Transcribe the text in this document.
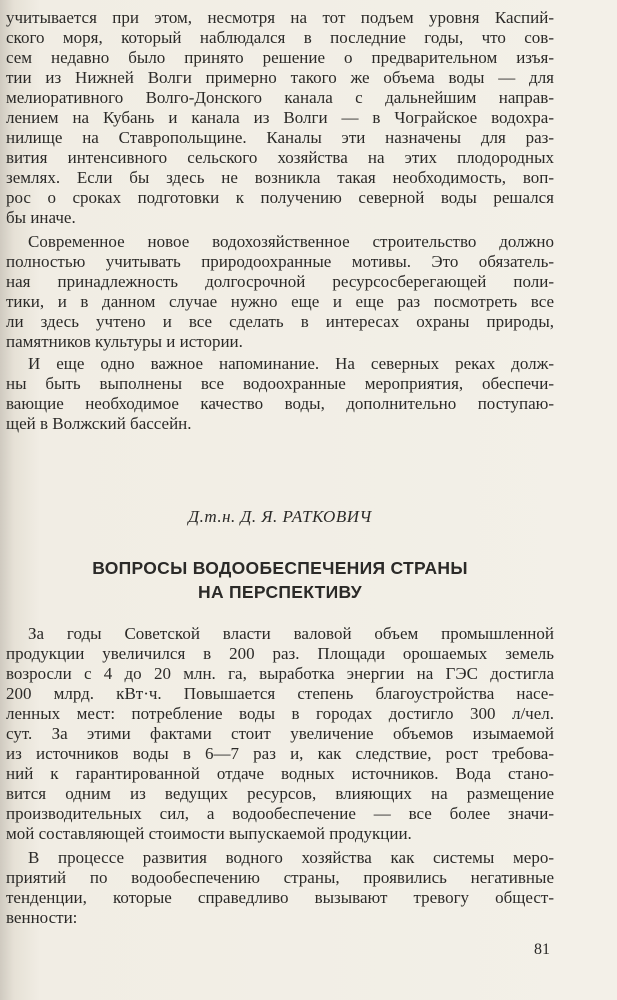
учитывается при этом, несмотря на тот подъем уровня Каспий-
ского моря, который наблюдался в последние годы, что сов-
сем недавно было принято решение о предварительном изъя-
тии из Нижней Волги примерно такого же объема воды — для
мелиоративного Волго-Донского канала с дальнейшим направ-
лением на Кубань и канала из Волги — в Чограйское водохра-
нилище на Ставропольщине. Каналы эти назначены для раз-
вития интенсивного сельского хозяйства на этих плодородных
землях. Если бы здесь не возникла такая необходимость, воп-
рос о сроках подготовки к получению северной воды решался
бы иначе.
Современное новое водохозяйственное строительство должно
полностью учитывать природоохранные мотивы. Это обязатель-
ная принадлежность долгосрочной ресурсосберегающей поли-
тики, и в данном случае нужно еще и еще раз посмотреть все
ли здесь учтено и все сделать в интересах охраны природы,
памятников культуры и истории.
И еще одно важное напоминание. На северных реках долж-
ны быть выполнены все водоохранные мероприятия, обеспечи-
вающие необходимое качество воды, дополнительно поступаю-
щей в Волжский бассейн.
Д.т.н. Д. Я. РАТКОВИЧ
ВОПРОСЫ ВОДООБЕСПЕЧЕНИЯ СТРАНЫ
НА ПЕРСПЕКТИВУ
За годы Советской власти валовой объем промышленной
продукции увеличился в 200 раз. Площади орошаемых земель
возросли с 4 до 20 млн. га, выработка энергии на ГЭС достигла
200 млрд. кВт·ч. Повышается степень благоустройства насе-
ленных мест: потребление воды в городах достигло 300 л/чел.
сут. За этими фактами стоит увеличение объемов изымаемой
из источников воды в 6—7 раз и, как следствие, рост требова-
ний к гарантированной отдаче водных источников. Вода стано-
вится одним из ведущих ресурсов, влияющих на размещение
производительных сил, а водообеспечение — все более значи-
мой составляющей стоимости выпускаемой продукции.
В процессе развития водного хозяйства как системы меро-
приятий по водообеспечению страны, проявились негативные
тенденции, которые справедливо вызывают тревогу общест-
венности:
81
